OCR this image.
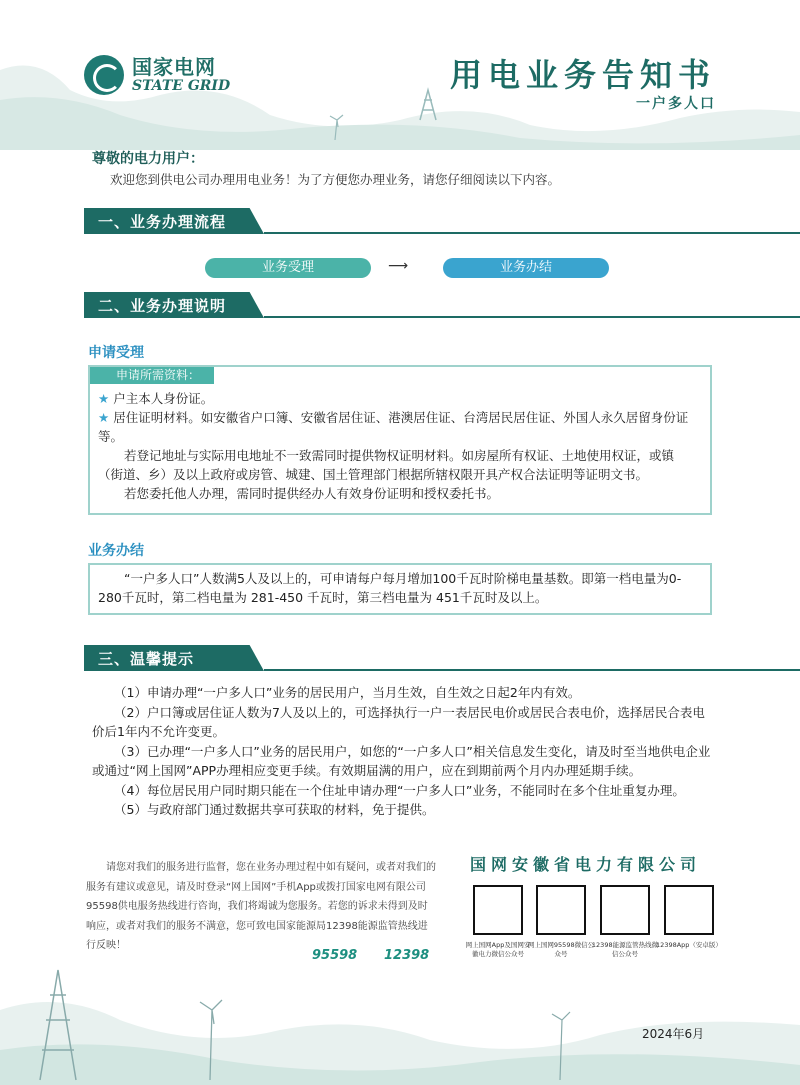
国家电网
STATE GRID	用电业务告知书
一户多人口
尊敬的电力用户：
欢迎您到供电公司办理用电业务！为了方便您办理业务，请您仔细阅读以下内容。
一、业务办理流程
业务受理	⟶	业务办结
二、业务办理说明
申请受理
申请所需资料：
★ 户主本人身份证。
★ 居住证明材料。如安徽省户口簿、安徽省居住证、港澳居住证、台湾居民居住证、外国人永久居留身份证等。
若登记地址与实际用电地址不一致需同时提供物权证明材料。如房屋所有权证、土地使用权证，或镇（街道、乡）及以上政府或房管、城建、国土管理部门根据所辖权限开具产权合法证明等证明文书。
若您委托他人办理，需同时提供经办人有效身份证明和授权委托书。
业务办结
“一户多人口”人数满5人及以上的，可申请每户每月增加100千瓦时阶梯电量基数。即第一档电量为0-280千瓦时，第二档电量为 281-450 千瓦时，第三档电量为 451千瓦时及以上。
三、温馨提示

（1）申请办理“一户多人口”业务的居民用户，当月生效，自生效之日起2年内有效。

（2）户口簿或居住证人数为7人及以上的，可选择执行一户一表居民电价或居民合表电价，选择居民合表电价后1年内不允许变更。

（3）已办理“一户多人口”业务的居民用户，如您的“一户多人口”相关信息发生变化，请及时至当地供电企业或通过“网上国网”APP办理相应变更手续。有效期届满的用户，应在到期前两个月内办理延期手续。

（4）每位居民用户同时期只能在一个住址申请办理“一户多人口”业务，不能同时在多个住址重复办理。

（5）与政府部门通过数据共享可获取的材料，免于提供。

请您对我们的服务进行监督，您在业务办理过程中如有疑问，或者对我们的服务有建议或意见，请及时登录“网上国网”手机App或拨打国家电网有限公司95598供电服务热线进行咨询，我们将竭诚为您服务。若您的诉求未得到及时响应，或者对我们的服务不满意，您可致电国家能源局12398能源监管热线进行反映！
国网安徽省电力有限公司
网上国网App及国网安徽电力微信公众号
网上国网95598微信公众号
12398能源监管热线微信公众号
12398App（安卓版）
95598 12398
2024年6月
